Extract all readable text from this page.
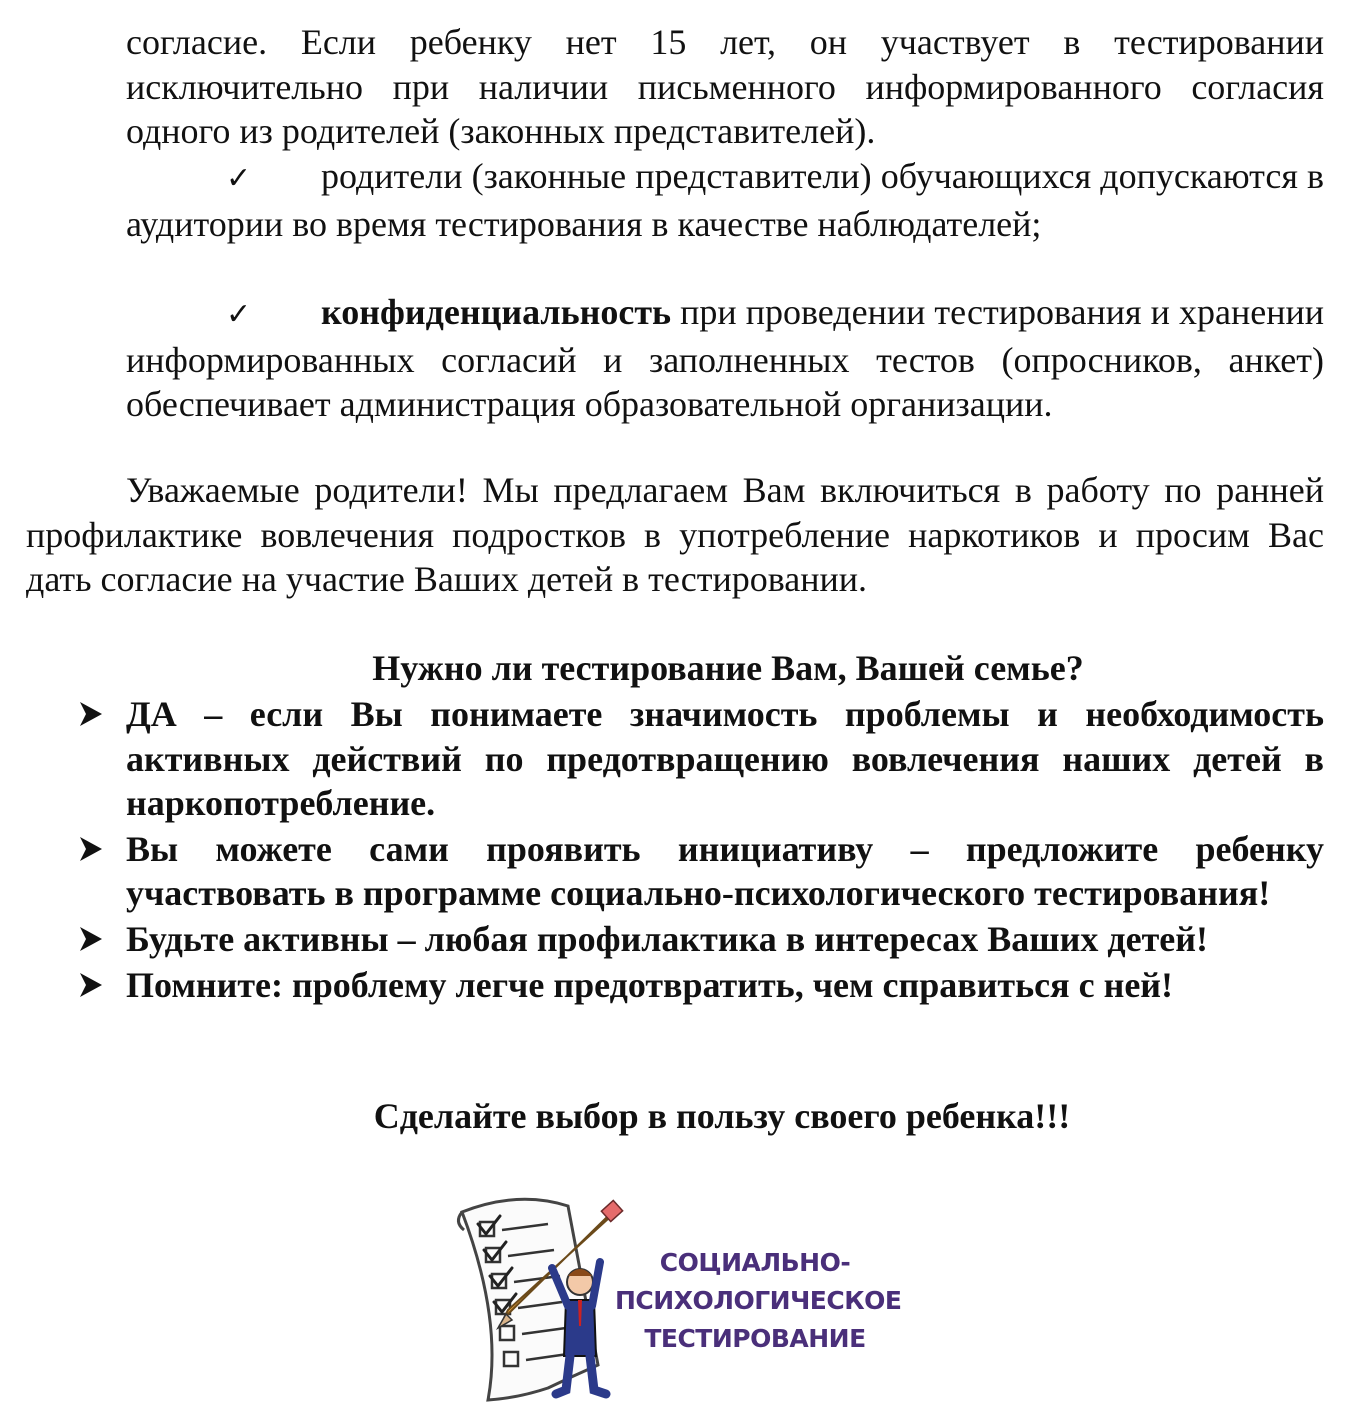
согласие. Если ребенку нет 15 лет, он участвует в тестировании исключительно при наличии письменного информированного согласия одного из родителей (законных представителей).

✓ родители (законные представители) обучающихся допускаются в аудитории во время тестирования в качестве наблюдателей;

✓ конфиденциальность при проведении тестирования и хранении информированных согласий и заполненных тестов (опросников, анкет) обеспечивает администрация образовательной организации.

Уважаемые родители! Мы предлагаем Вам включиться в работу по ранней профилактике вовлечения подростков в употребление наркотиков и просим Вас дать согласие на участие Ваших детей в тестировании.

Нужно ли тестирование Вам, Вашей семье?

ДА – если Вы понимаете значимость проблемы и необходимость активных действий по предотвращению вовлечения наших детей в наркопотребление.
Вы можете сами проявить инициативу – предложите ребенку участвовать в программе социально-психологического тестирования!
Будьте активны – любая профилактика в интересах Ваших детей!
Помните: проблему легче предотвратить, чем справиться с ней!

Сделайте выбор в пользу своего ребенка!!!

СОЦИАЛЬНО-
ПСИХОЛОГИЧЕСКОЕ
ТЕСТИРОВАНИЕ
